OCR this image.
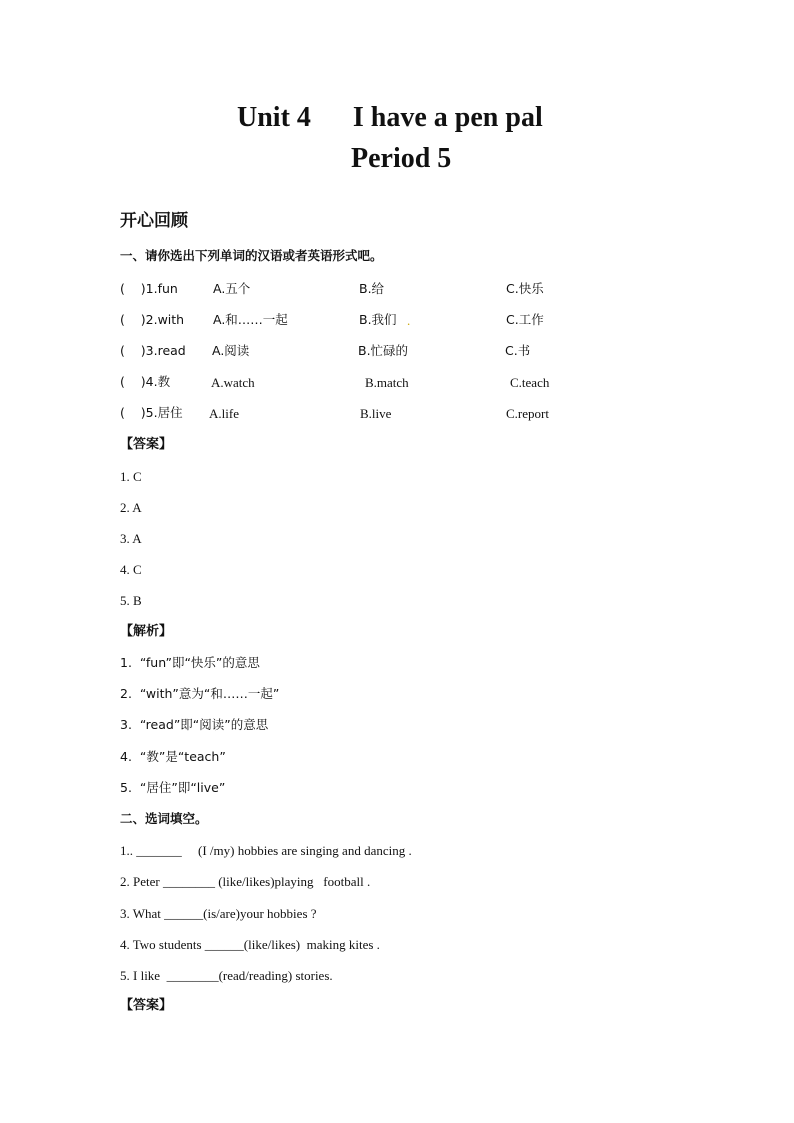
Unit 4      I have a pen pal
Period 5
开心回顾
一、请你选出下列单词的汉语或者英语形式吧。
(    )1.fun	A.五个	B.给	C.快乐
(    )2.with A.和……一起	B.我们 .	C.工作
(    )3.read A.阅读	B.忙碌的	C.书
(    )4.教	A.watch	B.match	C.teach
(    )5.居住 A.life	B.live	C.report
【答案】
1. C
2. A
3. A
4. C
5. B
【解析】
1.  “fun”即“快乐”的意思
2.  “with”意为“和……一起”
3.  “read”即“阅读”的意思
4.  “教”是“teach”
5.  “居住”即“live”
二、选词填空。
1.. _______     (I /my) hobbies are singing and dancing .
2. Peter ________ (like/likes)playing   football .
3. What ______(is/are)your hobbies ?
4. Two students ______(like/likes)  making kites .
5. I like  ________(read/reading) stories.
【答案】
